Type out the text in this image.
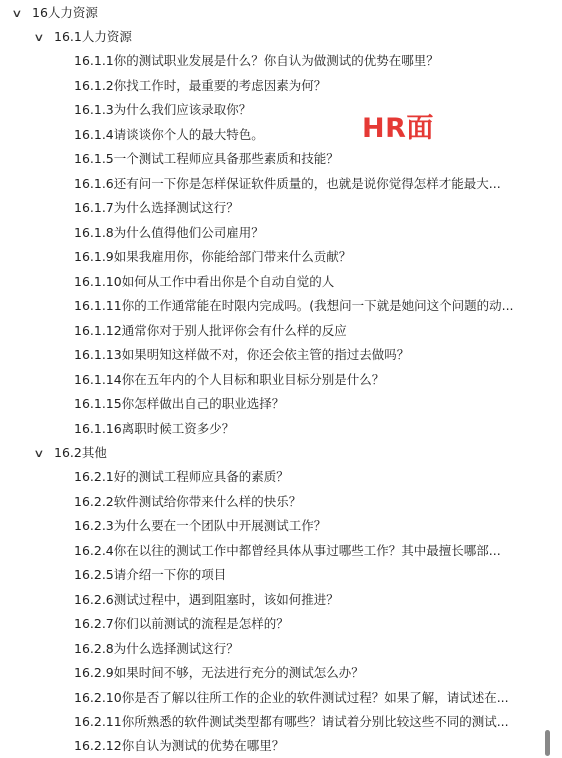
∨ 16人力资源
∨ 16.1人力资源
16.1.1你的测试职业发展是什么？你自认为做测试的优势在哪里？
16.1.2你找工作时，最重要的考虑因素为何？
16.1.3为什么我们应该录取你？
16.1.4请谈谈你个人的最大特色。
16.1.5一个测试工程师应具备那些素质和技能？
16.1.6还有问一下你是怎样保证软件质量的，也就是说你觉得怎样才能最大...
16.1.7为什么选择测试这行？
16.1.8为什么值得他们公司雇用？
16.1.9如果我雇用你，你能给部门带来什么贡献？
16.1.10如何从工作中看出你是个自动自觉的人
16.1.11你的工作通常能在时限内完成吗。(我想问一下就是她问这个问题的动...
16.1.12通常你对于别人批评你会有什么样的反应
16.1.13如果明知这样做不对，你还会依主管的指过去做吗？
16.1.14你在五年内的个人目标和职业目标分别是什么？
16.1.15你怎样做出自己的职业选择？
16.1.16离职时候工资多少？
∨ 16.2其他
16.2.1好的测试工程师应具备的素质？
16.2.2软件测试给你带来什么样的快乐？
16.2.3为什么要在一个团队中开展测试工作？
16.2.4你在以往的测试工作中都曾经具体从事过哪些工作？其中最擅长哪部...
16.2.5请介绍一下你的项目
16.2.6测试过程中，遇到阻塞时，该如何推进？
16.2.7你们以前测试的流程是怎样的？
16.2.8为什么选择测试这行？
16.2.9如果时间不够，无法进行充分的测试怎么办？
16.2.10你是否了解以往所工作的企业的软件测试过程？如果了解，请试述在...
16.2.11你所熟悉的软件测试类型都有哪些？请试着分别比较这些不同的测试...
16.2.12你自认为测试的优势在哪里？
HR面
